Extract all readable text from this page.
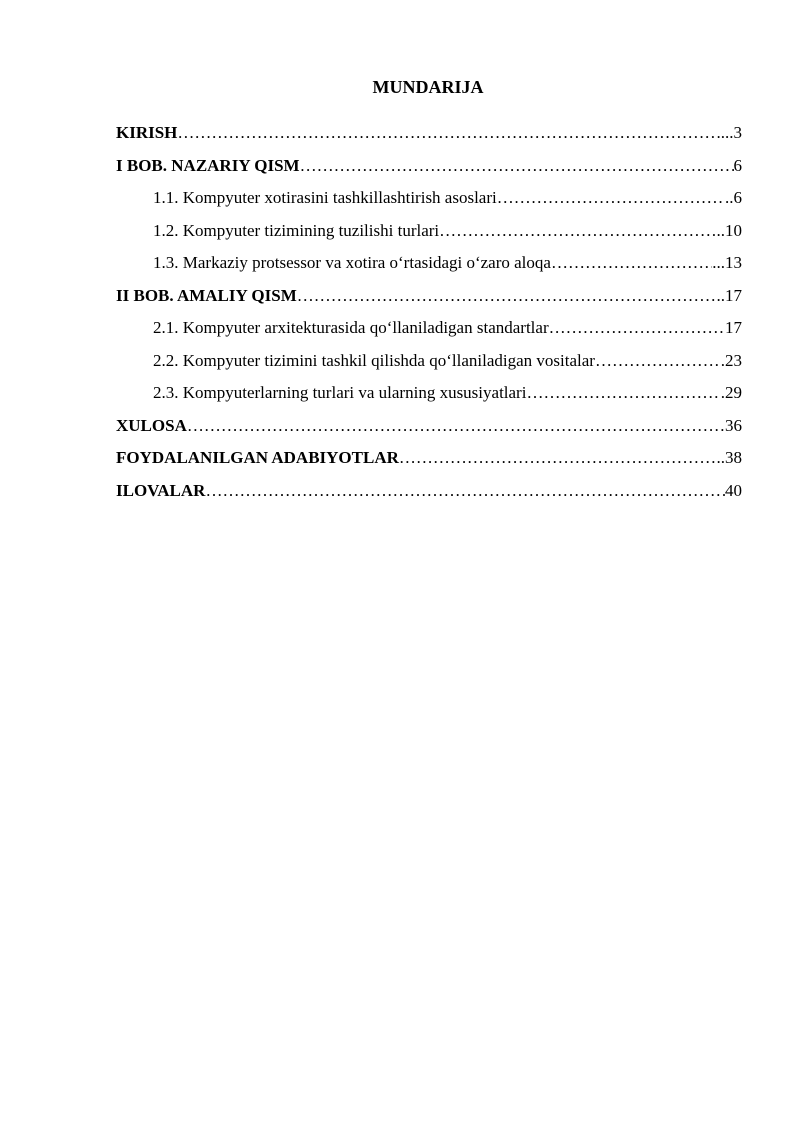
MUNDARIJA
KIRISH ………………………………………………………………………………………………………………………………………………………………………………………………	....3
I BOB. NAZARIY QISM ………………………………………………………………………………………………………………………………………………………………………………………………	6
1.1. Kompyuter xotirasini tashkillashtirish asoslari ………………………………………………………………………………………………………………………………………………………………………………………………	..6
1.2. Kompyuter tizimining tuzilishi turlari ………………………………………………………………………………………………………………………………………………………………………………………………	..10
1.3. Markaziy protsessor va xotira oʻrtasidagi oʻzaro aloqa ………………………………………………………………………………………………………………………………………………………………………………………………	...13
II BOB. AMALIY QISM ………………………………………………………………………………………………………………………………………………………………………………………………	..17
2.1. Kompyuter arxitekturasida qoʻllaniladigan standartlar ………………………………………………………………………………………………………………………………………………………………………………………………	17
2.2. Kompyuter tizimini tashkil qilishda qoʻllaniladigan vositalar ………………………………………………………………………………………………………………………………………………………………………………………………	.23
2.3. Kompyuterlarning turlari va ularning xususiyatlari ………………………………………………………………………………………………………………………………………………………………………………………………	.29
XULOSA ………………………………………………………………………………………………………………………………………………………………………………………………	36
FOYDALANILGAN ADABIYOTLAR ………………………………………………………………………………………………………………………………………………………………………………………………	..38
ILOVALAR ………………………………………………………………………………………………………………………………………………………………………………………………	40
